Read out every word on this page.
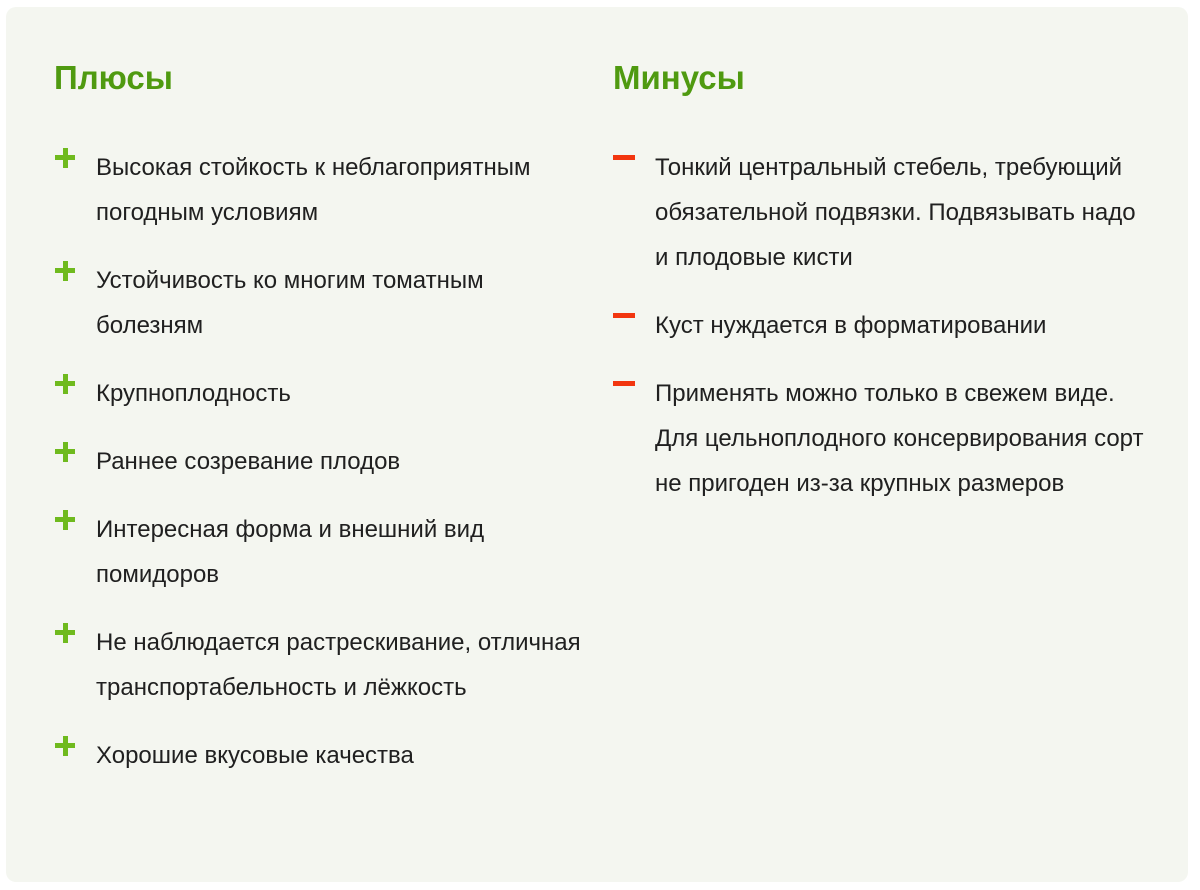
Плюсы
Высокая стойкость к неблагоприятным погодным условиям
Устойчивость ко многим томатным болезням
Крупноплодность
Раннее созревание плодов
Интересная форма и внешний вид помидоров
Не наблюдается растрескивание, отличная транспортабельность и лёжкость
Хорошие вкусовые качества
Минусы
Тонкий центральный стебель, требующий обязательной подвязки. Подвязывать надо и плодовые кисти
Куст нуждается в форматировании
Применять можно только в свежем виде. Для цельноплодного консервирования сорт не пригоден из-за крупных размеров
